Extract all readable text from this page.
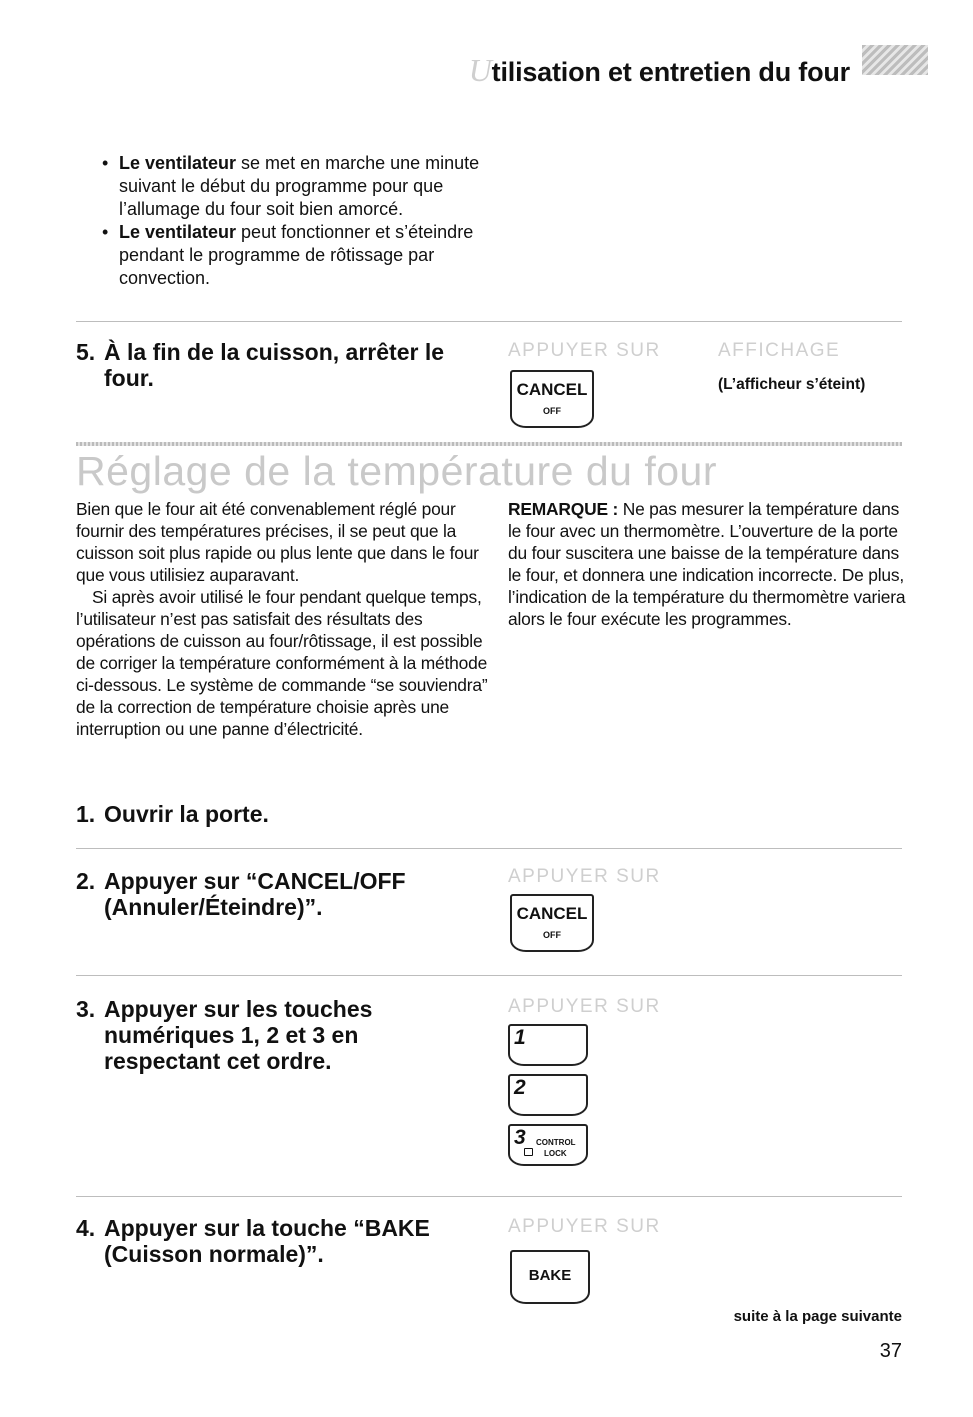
Utilisation et entretien du four
• Le ventilateur se met en marche une minute suivant le début du programme pour que l’allumage du four soit bien amorcé.
• Le ventilateur peut fonctionner et s’éteindre pendant le programme de rôtissage par convection.
5. À la fin de la cuisson, arrêter le
four.
APPUYER SUR	AFFICHAGE
CANCEL
OFF
(L’afficheur s’éteint)
Réglage de la température du four

Bien que le four ait été convenablement réglé pour fournir des températures précises, il se peut que la cuisson soit plus rapide ou plus lente que dans le four que vous utilisiez auparavant.

Si après avoir utilisé le four pendant quelque temps, l’utilisateur n’est pas satisfait des résultats des opérations de cuisson au four/rôtissage, il est possible de corriger la température conformément à la méthode ci-dessous. Le système de commande “se souviendra” de la correction de température choisie après une interruption ou une panne d’électricité.

REMARQUE : Ne pas mesurer la température dans le four avec un thermomètre. L’ouverture de la porte du four suscitera une baisse de la température dans le four, et donnera une indication incorrecte. De plus, l’indication de la température du thermomètre variera alors le four exécute les programmes.

1. Ouvrir la porte.
2. Appuyer sur “CANCEL/OFF
(Annuler/Éteindre)”.
APPUYER SUR
CANCEL
OFF
3. Appuyer sur les touches
numériques 1, 2 et 3 en
respectant cet ordre.
APPUYER SUR
1
2
3 CONTROL
LOCK
4. Appuyer sur la touche “BAKE
(Cuisson normale)”.
APPUYER SUR
BAKE
suite à la page suivante
37
